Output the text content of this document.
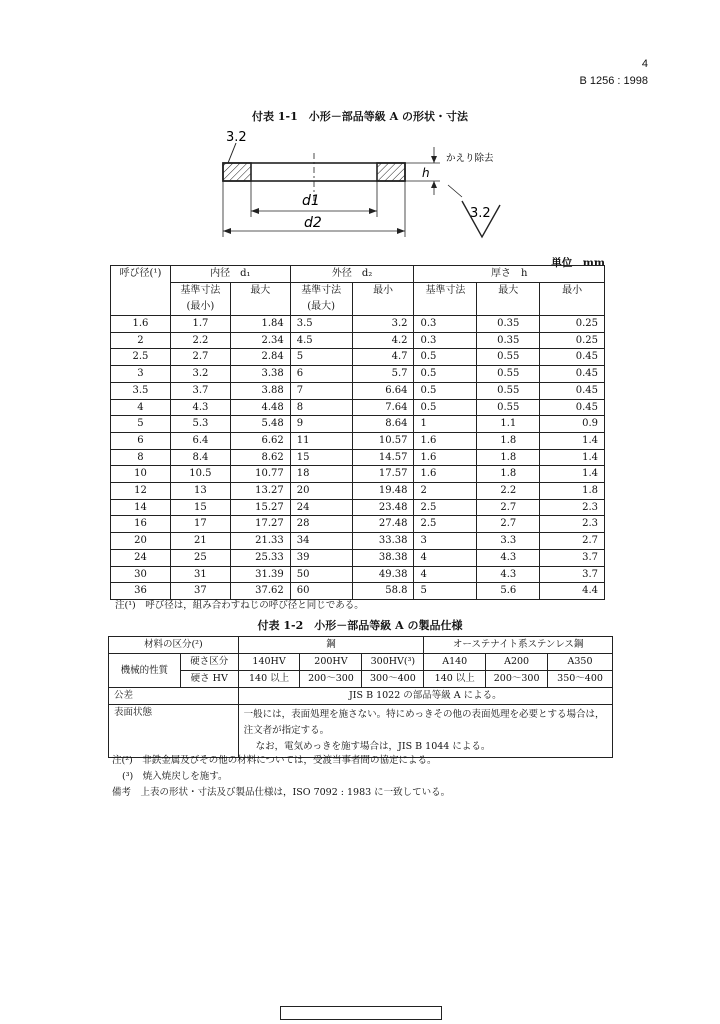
4
B 1256 : 1998
付表 1-1　小形－部品等級 A の形状・寸法
3.2
h
かえり除去
3.2
d1
d2
単位　mm
呼び径(¹)	内径　d₁		外径　d₂		厚さ　h		
	基準寸法	最大	基準寸法	最小	基準寸法	最大	最小
	(最小)		(最大)				
1.6	1.7	1.84	3.5	3.2	0.3	0.35	0.25
2	2.2	2.34	4.5	4.2	0.3	0.35	0.25
2.5	2.7	2.84	5	4.7	0.5	0.55	0.45
3	3.2	3.38	6	5.7	0.5	0.55	0.45
3.5	3.7	3.88	7	6.64	0.5	0.55	0.45
4	4.3	4.48	8	7.64	0.5	0.55	0.45
5	5.3	5.48	9	8.64	1	1.1	0.9
6	6.4	6.62	11	10.57	1.6	1.8	1.4
8	8.4	8.62	15	14.57	1.6	1.8	1.4
10	10.5	10.77	18	17.57	1.6	1.8	1.4
12	13	13.27	20	19.48	2	2.2	1.8
14	15	15.27	24	23.48	2.5	2.7	2.3
16	17	17.27	28	27.48	2.5	2.7	2.3
20	21	21.33	34	33.38	3	3.3	2.7
24	25	25.33	39	38.38	4	4.3	3.7
30	31	31.39	50	49.38	4	4.3	3.7
36	37	37.62	60	58.8	5	5.6	4.4
注(¹)　呼び径は，組み合わすねじの呼び径と同じである。
付表 1-2　小形－部品等級 A の製品仕様
材料の区分(²)		鋼			オーステナイト系ステンレス鋼		
機械的性質	硬さ区分	140HV	200HV	300HV(³)	A140	A200	A350
	硬さ HV	140 以上	200～300	300～400	140 以上	200～300	350～400
公差		JIS B 1022 の部品等級 A による。					
表面状態		一般には，表面処理を施さない。特にめっきその他の表面処理を必要とする場合は，注文者が指定する。
なお，電気めっきを施す場合は，JIS B 1044 による。					
注(²)　非鉄金属及びその他の材料については，受渡当事者間の協定による。
(³)　焼入焼戻しを施す。
備考　上表の形状・寸法及び製品仕様は，ISO 7092 : 1983 に一致している。
